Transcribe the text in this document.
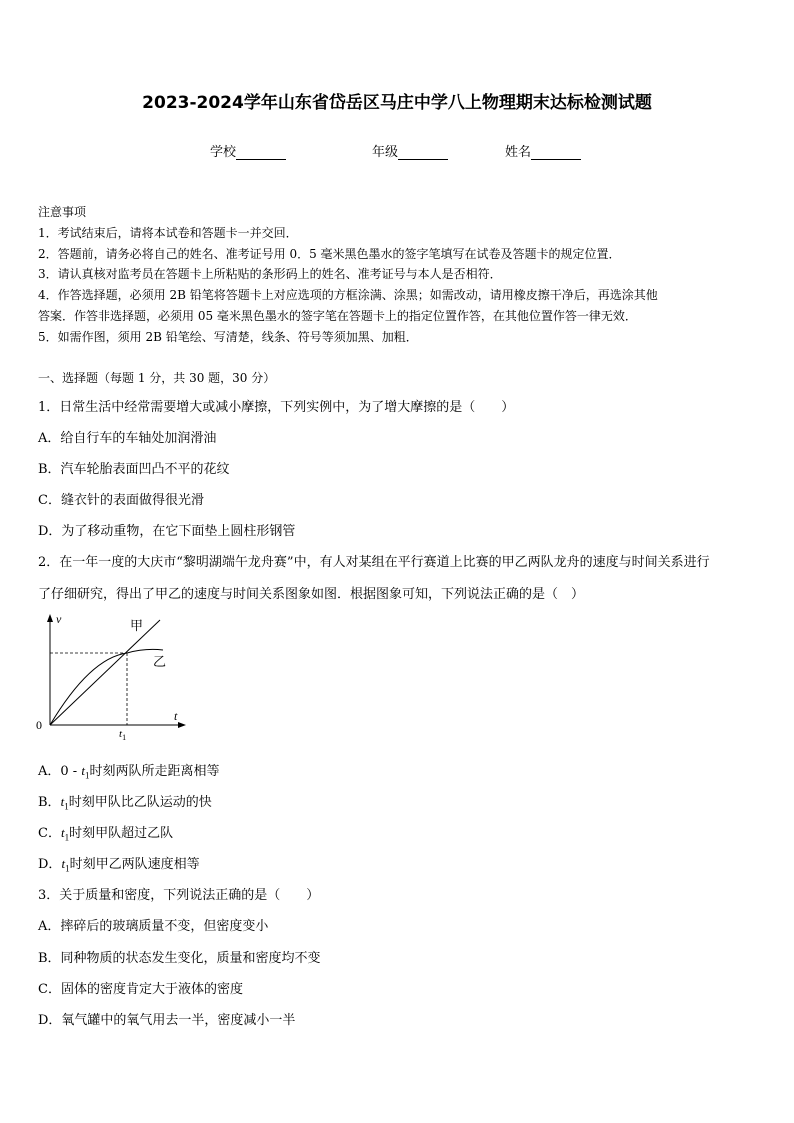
2023-2024学年山东省岱岳区马庄中学八上物理期末达标检测试题
学校	年级	姓名
注意事项
1．考试结束后，请将本试卷和答题卡一并交回．
2．答题前，请务必将自己的姓名、准考证号用 0．5 毫米黑色墨水的签字笔填写在试卷及答题卡的规定位置．
3．请认真核对监考员在答题卡上所粘贴的条形码上的姓名、准考证号与本人是否相符．
4．作答选择题，必须用 2B 铅笔将答题卡上对应选项的方框涂满、涂黑；如需改动，请用橡皮擦干净后，再选涂其他
答案．作答非选择题，必须用 05 毫米黑色墨水的签字笔在答题卡上的指定位置作答，在其他位置作答一律无效．
5．如需作图，须用 2B 铅笔绘、写清楚，线条、符号等须加黑、加粗．
一、选择题（每题 1 分，共 30 题，30 分）
1．日常生活中经常需要增大或减小摩擦，下列实例中，为了增大摩擦的是（　　）
A．给自行车的车轴处加润滑油
B．汽车轮胎表面凹凸不平的花纹
C．缝衣针的表面做得很光滑
D．为了移动重物，在它下面垫上圆柱形钢管
2．在一年一度的大庆市“黎明湖端午龙舟赛”中，有人对某组在平行赛道上比赛的甲乙两队龙舟的速度与时间关系进行
了仔细研究，得出了甲乙的速度与时间关系图象如图．根据图象可知，下列说法正确的是（　）
v
t
0
$t_1$
甲
乙
A．$0 - t_1$时刻两队所走距离相等
B．$t_1$时刻甲队比乙队运动的快
C．$t_1$时刻甲队超过乙队
D．$t_1$时刻甲乙两队速度相等
3．关于质量和密度，下列说法正确的是（　　）
A．摔碎后的玻璃质量不变，但密度变小
B．同种物质的状态发生变化，质量和密度均不变
C．固体的密度肯定大于液体的密度
D．氧气罐中的氧气用去一半，密度减小一半
